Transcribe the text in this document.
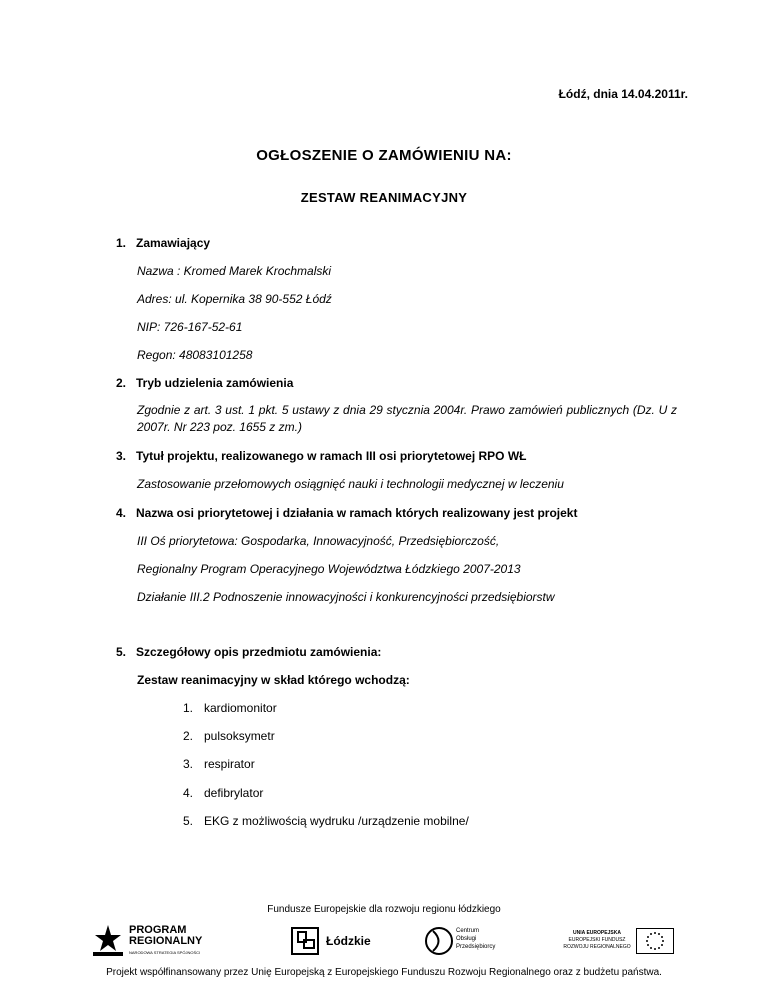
Łódź, dnia 14.04.2011r.
OGŁOSZENIE O ZAMÓWIENIU NA:
ZESTAW REANIMACYJNY
1. Zamawiający
Nazwa : Kromed Marek Krochmalski
Adres: ul. Kopernika 38 90-552 Łódź
NIP: 726-167-52-61
Regon: 48083101258
2. Tryb udzielenia zamówienia
Zgodnie z art. 3 ust. 1 pkt. 5 ustawy z dnia 29 stycznia 2004r. Prawo zamówień publicznych (Dz. U z 2007r. Nr 223 poz. 1655 z zm.)
3. Tytuł projektu, realizowanego w ramach III osi priorytetowej RPO WŁ
Zastosowanie przełomowych osiągnięć nauki i technologii medycznej w leczeniu
4. Nazwa osi priorytetowej i działania w ramach których realizowany jest projekt
III Oś priorytetowa: Gospodarka, Innowacyjność, Przedsiębiorczość,
Regionalny Program Operacyjnego Województwa Łódzkiego 2007-2013
Działanie III.2 Podnoszenie innowacyjności i konkurencyjności przedsiębiorstw
5. Szczegółowy opis przedmiotu zamówienia:
Zestaw reanimacyjny w skład którego wchodzą:
1. kardiomonitor
2. pulsoksymetr
3. respirator
4. defibrylator
5. EKG z możliwością wydruku /urządzenie mobilne/
Fundusze Europejskie dla rozwoju regionu łódzkiego
PROGRAM
REGIONALNY
NARODOWA STRATEGIA SPÓJNOŚCI
Łódzkie
Centrum
Obsługi
Przedsiębiorcy
UNIA EUROPEJSKA
EUROPEJSKI FUNDUSZ
ROZWOJU REGIONALNEGO
Projekt współfinansowany przez Unię Europejską z Europejskiego Funduszu Rozwoju Regionalnego oraz z budżetu państwa.
